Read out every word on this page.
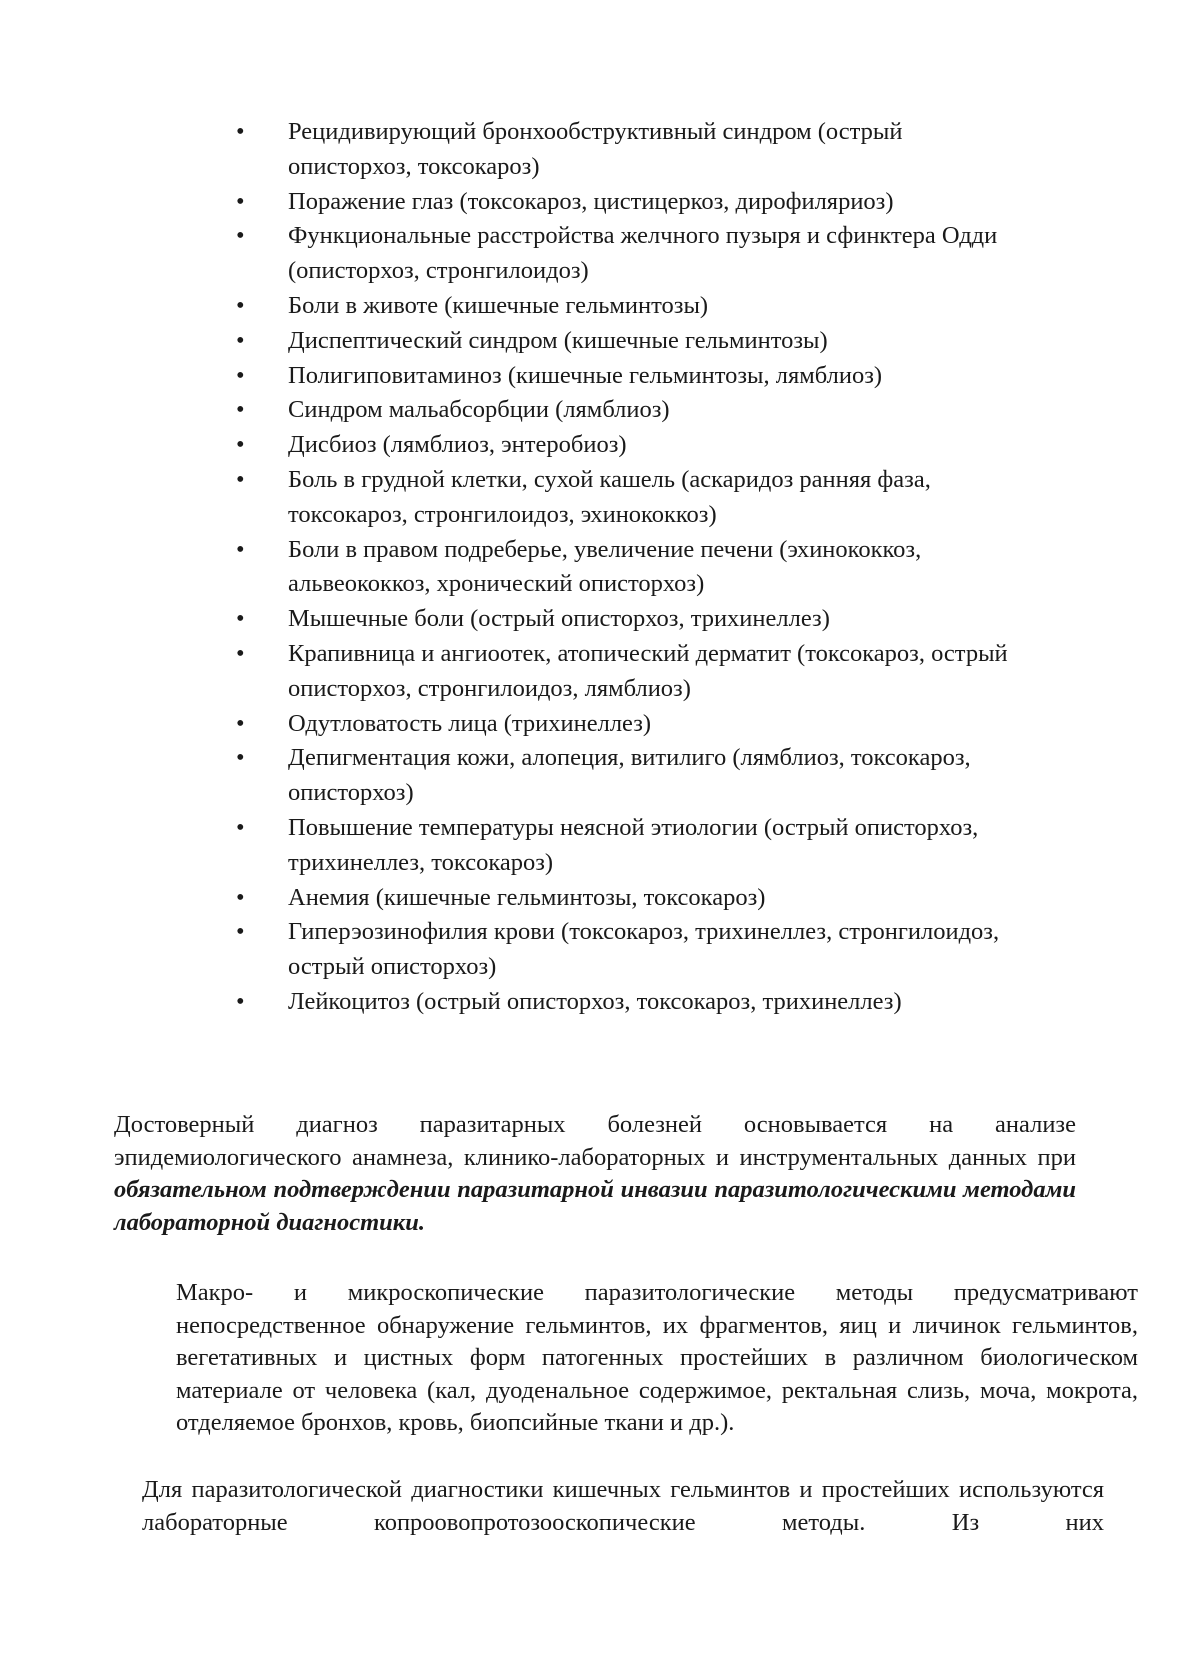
•	Рецидивирующий бронхообструктивный синдром (острый описторхоз, токсокароз)
•	Поражение глаз (токсокароз, цистицеркоз, дирофиляриоз)
•	Функциональные расстройства желчного пузыря и сфинктера Одди (описторхоз, стронгилоидоз)
•	Боли в животе (кишечные гельминтозы)
•	Диспептический синдром (кишечные гельминтозы)
•	Полигиповитаминоз (кишечные гельминтозы, лямблиоз)
•	Синдром мальабсорбции (лямблиоз)
•	Дисбиоз (лямблиоз, энтеробиоз)
•	Боль в грудной клетки, сухой кашель (аскаридоз ранняя фаза, токсокароз, стронгилоидоз, эхинококкоз)
•	Боли в правом подреберье, увеличение печени (эхинококкоз, альвеококкоз, хронический описторхоз)
•	Мышечные боли (острый описторхоз, трихинеллез)
•	Крапивница и ангиоотек, атопический дерматит (токсокароз, острый описторхоз, стронгилоидоз, лямблиоз)
•	Одутловатость лица (трихинеллез)
•	Депигментация кожи, алопеция, витилиго (лямблиоз, токсокароз, описторхоз)
•	Повышение температуры неясной этиологии (острый описторхоз, трихинеллез, токсокароз)
•	Анемия (кишечные гельминтозы, токсокароз)
•	Гиперэозинофилия крови (токсокароз, трихинеллез, стронгилоидоз, острый описторхоз)
•	Лейкоцитоз (острый описторхоз, токсокароз, трихинеллез)

Достоверный диагноз паразитарных болезней основывается на анализе эпидемиологического анамнеза, клинико-лабораторных и инструментальных данных при обязательном подтверждении паразитарной инвазии паразитологическими методами лабораторной диагностики.

Макро- и микроскопические паразитологические методы предусматривают непосредственное обнаружение гельминтов, их фрагментов, яиц и личинок гельминтов, вегетативных и цистных форм патогенных простейших в различном биологическом материале от человека (кал, дуоденальное содержимое, ректальная слизь, моча, мокрота, отделяемое бронхов, кровь, биопсийные ткани и др.).

Для паразитологической диагностики кишечных гельминтов и простейших используются лабораторные копроовопротозооскопические методы. Из них
